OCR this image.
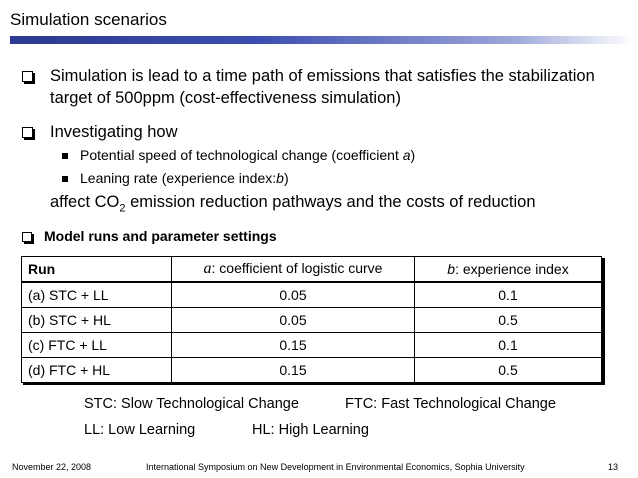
Simulation scenarios
Simulation is lead to a time path of emissions that satisfies the stabilization target of 500ppm (cost-effectiveness simulation)
Investigating how
Potential speed of technological change (coefficient a)
Leaning rate (experience index:b)
affect $CO_2$ emission reduction pathways and the costs of reduction
Model runs and parameter settings
Run	a: coefficient of logistic curve	b: experience index
(a) STC + LL	0.05	0.1
(b) STC + HL	0.05	0.5
(c) FTC + LL	0.15	0.1
(d) FTC + HL	0.15	0.5
STC: Slow Technological Change	FTC: Fast Technological Change
LL: Low Learning	HL: High Learning
November 22, 2008	International Symposium on New Development in Environmental Economics, Sophia University	13
